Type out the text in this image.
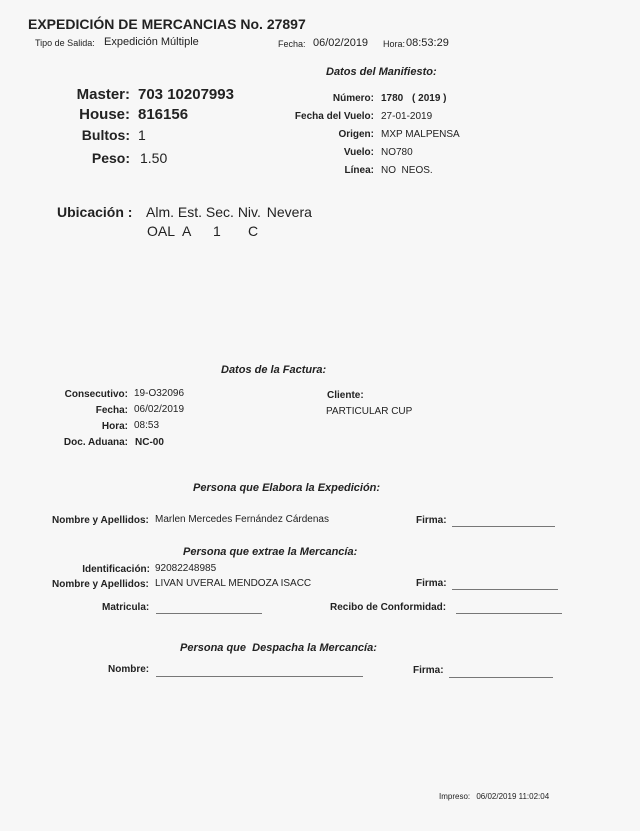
EXPEDICIÓN DE MERCANCIAS No. 27897
Tipo de Salida: Expedición Múltiple	Fecha: 06/02/2019 Hora: 08:53:29
Master: 703 10207993
House: 816156
Bultos: 1
Peso: 1.50
Datos del Manifiesto:
Número: 1780 ( 2019 )
Fecha del Vuelo: 27-01-2019
Origen: MXP MALPENSA
Vuelo: NO780
Línea: NO  NEOS.
Ubicación : Alm. Est. Sec. Niv. Nevera
OAL A 1 C
Datos de la Factura:
Consecutivo: 19-O32096
Fecha: 06/02/2019
Hora: 08:53
Doc. Aduana: NC-00
Cliente:
PARTICULAR CUP
Persona que Elabora la Expedición:
Nombre y Apellidos: Marlen Mercedes Fernández Cárdenas	Firma:
Persona que extrae la Mercancía:
Identificación: 92082248985
Nombre y Apellidos: LIVAN UVERAL MENDOZA ISACC	Firma:
Matricula:	Recibo de Conformidad:
Persona que  Despacha la Mercancía:
Nombre:	Firma:
Impreso: 06/02/2019 11:02:04
